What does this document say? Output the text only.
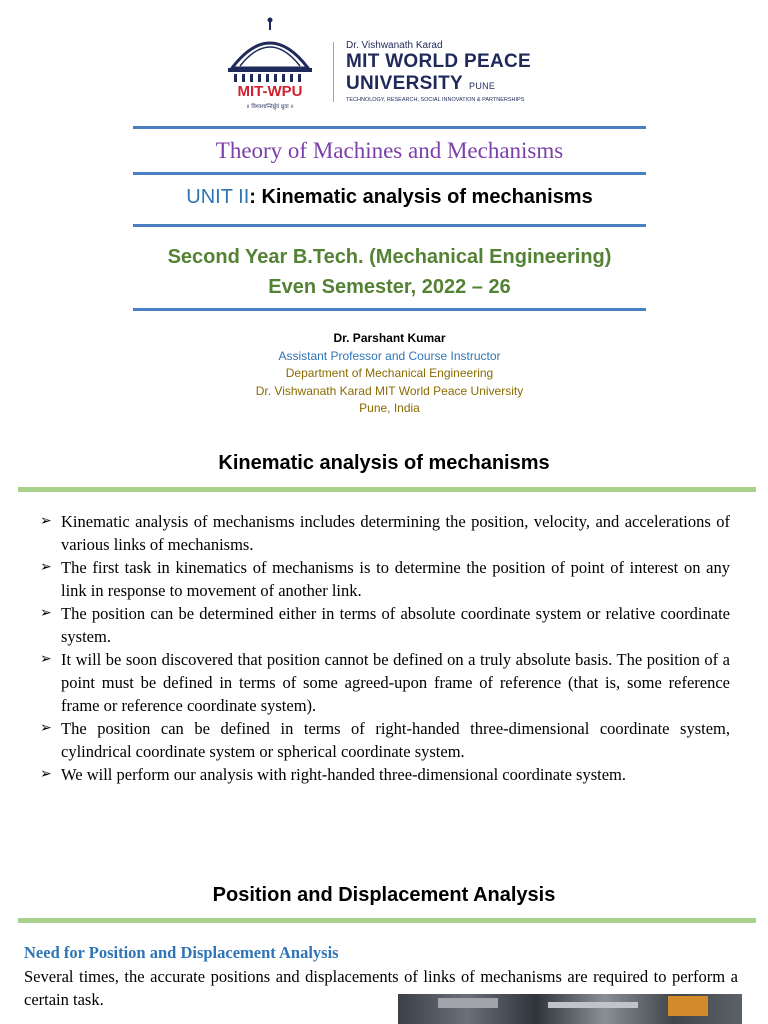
MIT-WPU
॥ विश्वशान्तिर्ध्रुवं ध्रुवा ॥
Dr. Vishwanath Karad
MIT WORLD PEACE
UNIVERSITY PUNE
TECHNOLOGY, RESEARCH, SOCIAL INNOVATION & PARTNERSHIPS
Theory of Machines and Mechanisms
UNIT II: Kinematic analysis of mechanisms
Second Year B.Tech. (Mechanical Engineering)
Even Semester, 2022 – 26
Dr. Parshant Kumar
Assistant Professor and Course Instructor
Department of Mechanical Engineering
Dr. Vishwanath Karad MIT World Peace University
Pune, India
Kinematic analysis of mechanisms
➢ Kinematic analysis of mechanisms includes determining the position, velocity, and accelerations of various links of mechanisms.
➢ The first task in kinematics of mechanisms is to determine the position of point of interest on any link in response to movement of another link.
➢ The position can be determined either in terms of absolute coordinate system or relative coordinate system.
➢ It will be soon discovered that position cannot be defined on a truly absolute basis. The position of a point must be defined in terms of some agreed-upon frame of reference (that is, some reference frame or reference coordinate system).
➢ The position can be defined in terms of right-handed three-dimensional coordinate system, cylindrical coordinate system or spherical coordinate system.
➢ We will perform our analysis with right-handed three-dimensional coordinate system.
Position and Displacement Analysis
Need for Position and Displacement Analysis
Several times, the accurate positions and displacements of links of mechanisms are required to perform a certain task.
